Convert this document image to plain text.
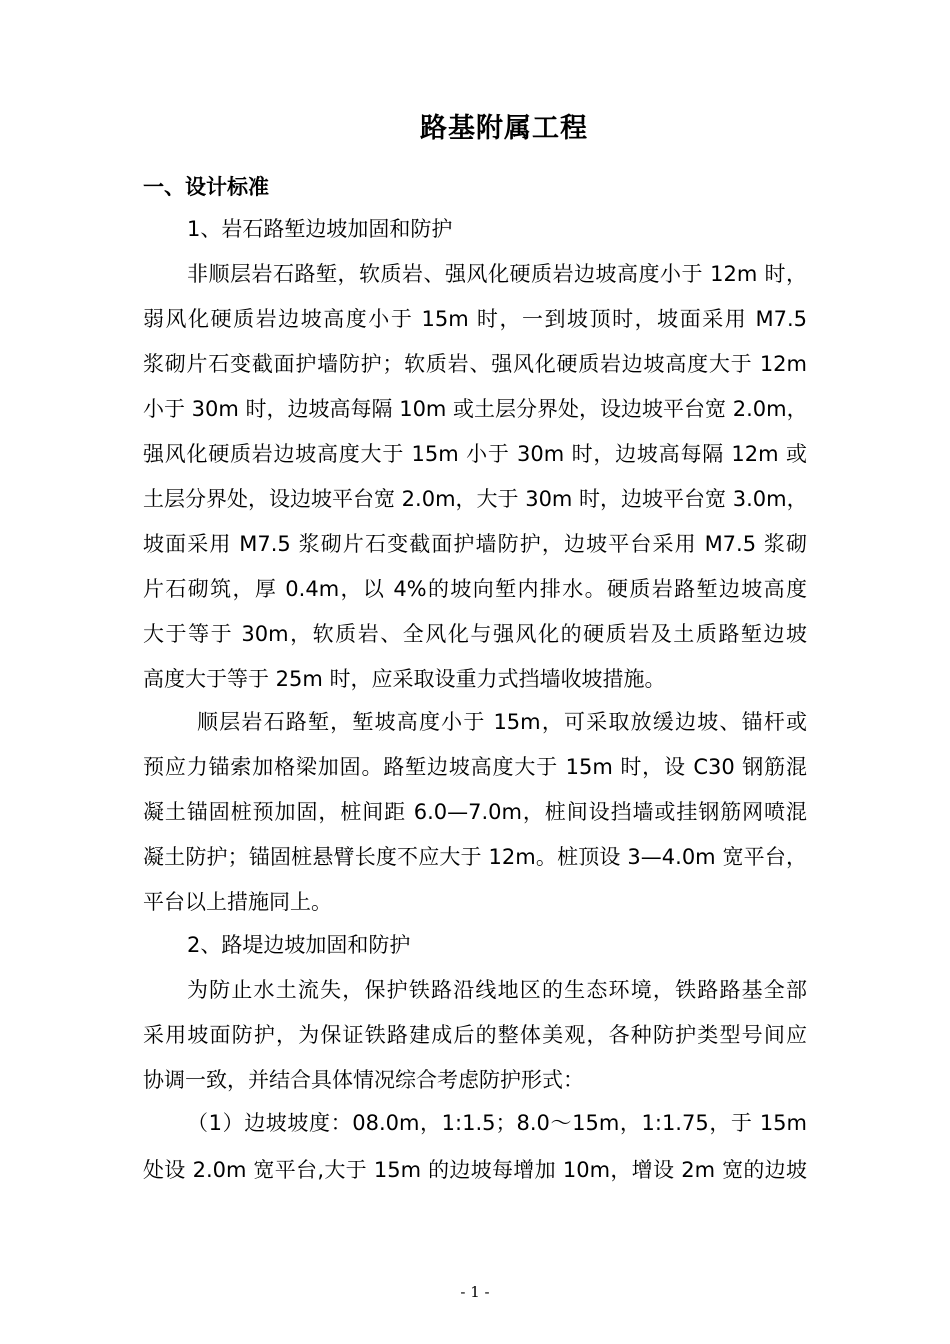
路基附属工程
一、设计标准
1、岩石路堑边坡加固和防护
非顺层岩石路堑，软质岩、强风化硬质岩边坡高度小于 12m 时，
弱风化硬质岩边坡高度小于 15m 时，一到坡顶时，坡面采用 M7.5
浆砌片石变截面护墙防护；软质岩、强风化硬质岩边坡高度大于 12m
小于 30m 时，边坡高每隔 10m 或土层分界处，设边坡平台宽 2.0m，
强风化硬质岩边坡高度大于 15m 小于 30m 时，边坡高每隔 12m 或
土层分界处，设边坡平台宽 2.0m，大于 30m 时，边坡平台宽 3.0m，
坡面采用 M7.5 浆砌片石变截面护墙防护，边坡平台采用 M7.5 浆砌
片石砌筑，厚 0.4m，以 4%的坡向堑内排水。硬质岩路堑边坡高度
大于等于 30m，软质岩、全风化与强风化的硬质岩及土质路堑边坡
高度大于等于 25m 时，应采取设重力式挡墙收坡措施。
顺层岩石路堑，堑坡高度小于 15m，可采取放缓边坡、锚杆或
预应力锚索加格梁加固。路堑边坡高度大于 15m 时，设 C30 钢筋混
凝土锚固桩预加固，桩间距 6.0—7.0m，桩间设挡墙或挂钢筋网喷混
凝土防护；锚固桩悬臂长度不应大于 12m。桩顶设 3—4.0m 宽平台，
平台以上措施同上。
2、路堤边坡加固和防护
为防止水土流失，保护铁路沿线地区的生态环境，铁路路基全部
采用坡面防护，为保证铁路建成后的整体美观，各种防护类型号间应
协调一致，并结合具体情况综合考虑防护形式：
（1）边坡坡度：08.0m，1:1.5；8.0～15m，1:1.75，于 15m
处设 2.0m 宽平台,大于 15m 的边坡每增加 10m，增设 2m 宽的边坡
- 1 -
